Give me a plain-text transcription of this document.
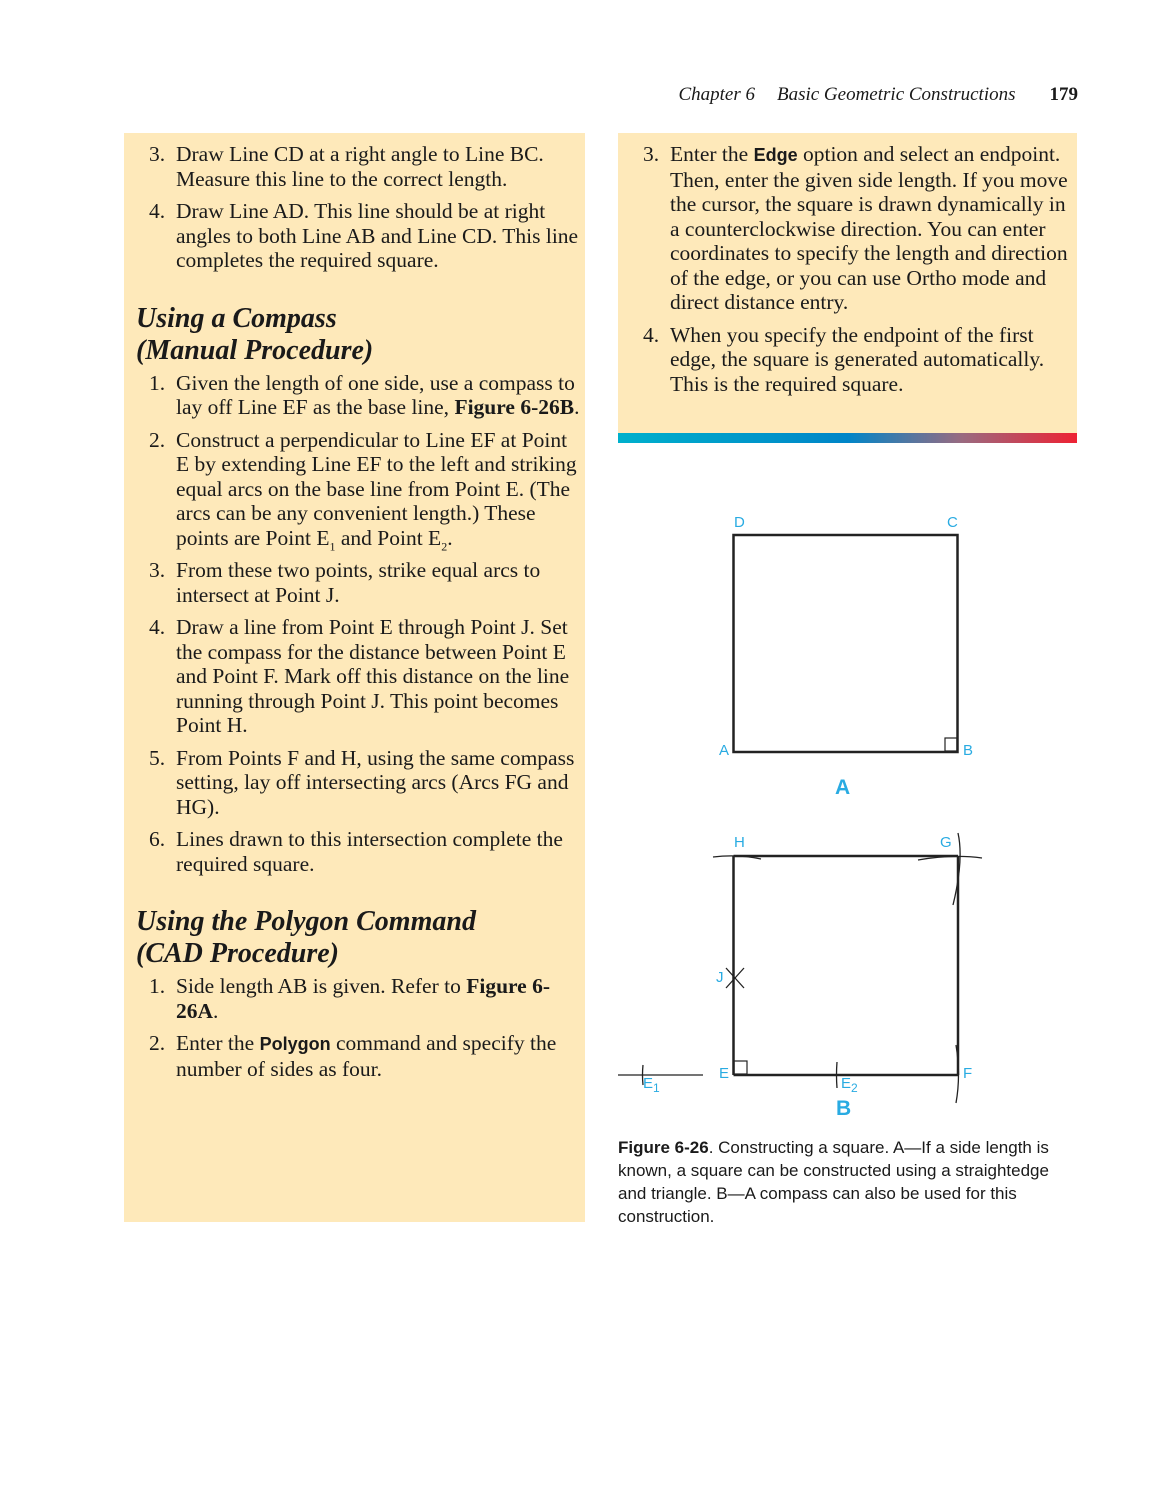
Chapter 6 Basic Geometric Constructions 179
3. Draw Line CD at a right angle to Line BC. Measure this line to the correct length.
4. Draw Line AD. This line should be at right angles to both Line AB and Line CD. This line completes the required square.
Using a Compass
(Manual Procedure)
1. Given the length of one side, use a compass to lay off Line EF as the base line, Figure 6-26B.
2. Construct a perpendicular to Line EF at Point E by extending Line EF to the left and striking equal arcs on the base line from Point E. (The arcs can be any convenient length.) These points are Point $E_1$ and Point $E_2$.
3. From these two points, strike equal arcs to intersect at Point J.
4. Draw a line from Point E through Point J. Set the compass for the distance between Point E and Point F. Mark off this distance on the line running through Point J. This point becomes Point H.
5. From Points F and H, using the same compass setting, lay off intersecting arcs (Arcs FG and HG).
6. Lines drawn to this intersection complete the required square.
Using the Polygon Command
(CAD Procedure)
1. Side length AB is given. Refer to Figure 6-26A.
2. Enter the Polygon command and specify the number of sides as four.
3. Enter the Edge option and select an endpoint. Then, enter the given side length. If you move the cursor, the square is drawn dynamically in a counterclockwise direction. You can enter coordinates to specify the length and direction of the edge, or you can use Ortho mode and direct distance entry.
4. When you specify the endpoint of the first edge, the square is generated automatically. This is the required square.
D	C
A	B
A
H	G
J
E	F
$E_1$	$E_2$
B
Figure 6-26. Constructing a square. A—If a side length is known, a square can be constructed using a straightedge and triangle. B—A compass can also be used for this construction.
